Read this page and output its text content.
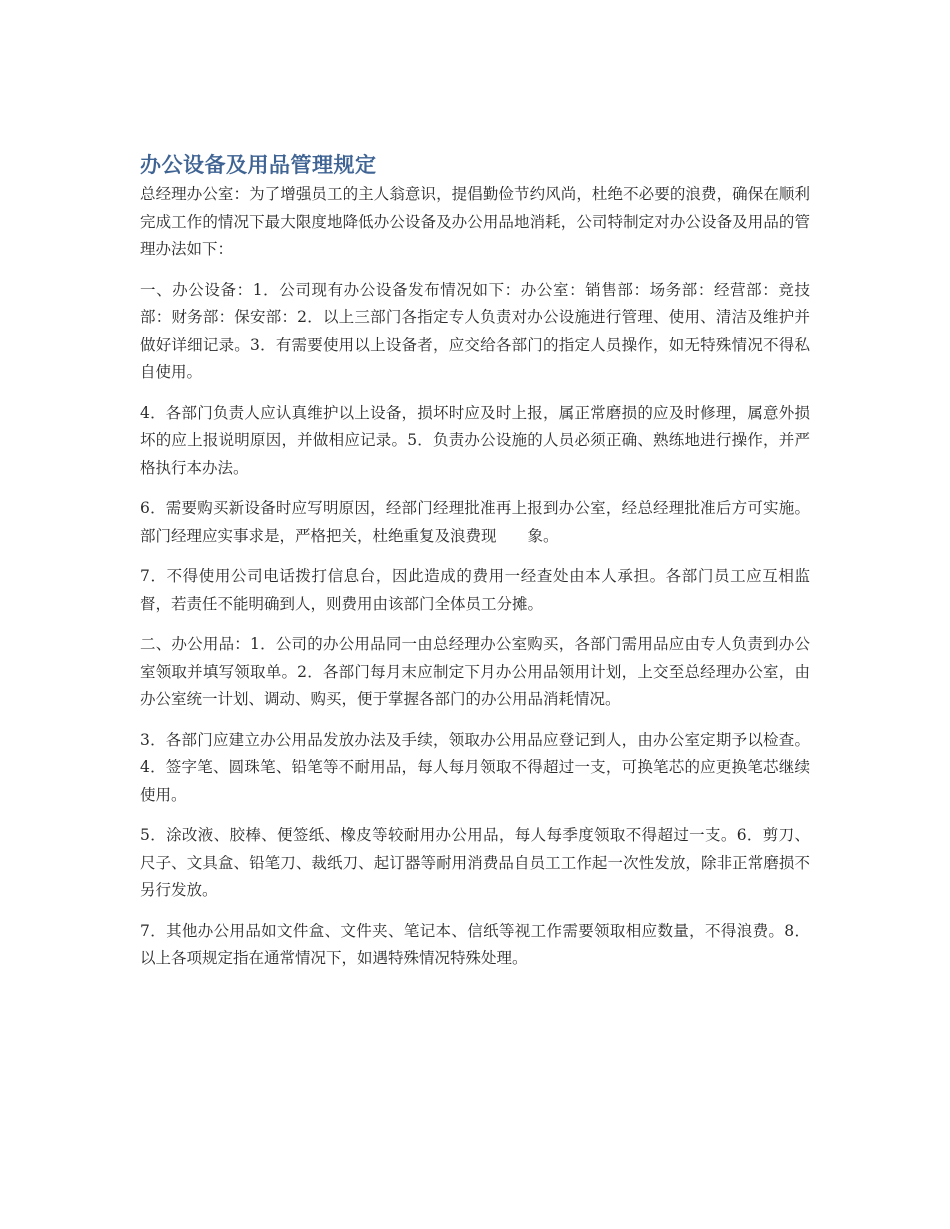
办公设备及用品管理规定

总经理办公室：为了增强员工的主人翁意识，提倡勤俭节约风尚，杜绝不必要的浪费，确保在顺利完成工作的情况下最大限度地降低办公设备及办公用品地消耗，公司特制定对办公设备及用品的管理办法如下：

一、办公设备：1．公司现有办公设备发布情况如下：办公室：销售部：场务部：经营部：竞技部：财务部：保安部：2．以上三部门各指定专人负责对办公设施进行管理、使用、清洁及维护并做好详细记录。3．有需要使用以上设备者，应交给各部门的指定人员操作，如无特殊情况不得私自使用。

4．各部门负责人应认真维护以上设备，损坏时应及时上报，属正常磨损的应及时修理，属意外损坏的应上报说明原因，并做相应记录。5．负责办公设施的人员必须正确、熟练地进行操作，并严格执行本办法。

6．需要购买新设备时应写明原因，经部门经理批准再上报到办公室，经总经理批准后方可实施。部门经理应实事求是，严格把关，杜绝重复及浪费现　　象。

7．不得使用公司电话拨打信息台，因此造成的费用一经查处由本人承担。各部门员工应互相监督，若责任不能明确到人，则费用由该部门全体员工分摊。

二、办公用品：1．公司的办公用品同一由总经理办公室购买，各部门需用品应由专人负责到办公室领取并填写领取单。2．各部门每月末应制定下月办公用品领用计划，上交至总经理办公室，由办公室统一计划、调动、购买，便于掌握各部门的办公用品消耗情况。

3．各部门应建立办公用品发放办法及手续，领取办公用品应登记到人，由办公室定期予以检查。4．签字笔、圆珠笔、铅笔等不耐用品，每人每月领取不得超过一支，可换笔芯的应更换笔芯继续使用。

5．涂改液、胶棒、便签纸、橡皮等较耐用办公用品，每人每季度领取不得超过一支。6．剪刀、尺子、文具盒、铅笔刀、裁纸刀、起订器等耐用消费品自员工工作起一次性发放，除非正常磨损不另行发放。

7．其他办公用品如文件盒、文件夹、笔记本、信纸等视工作需要领取相应数量，不得浪费。8．以上各项规定指在通常情况下，如遇特殊情况特殊处理。
